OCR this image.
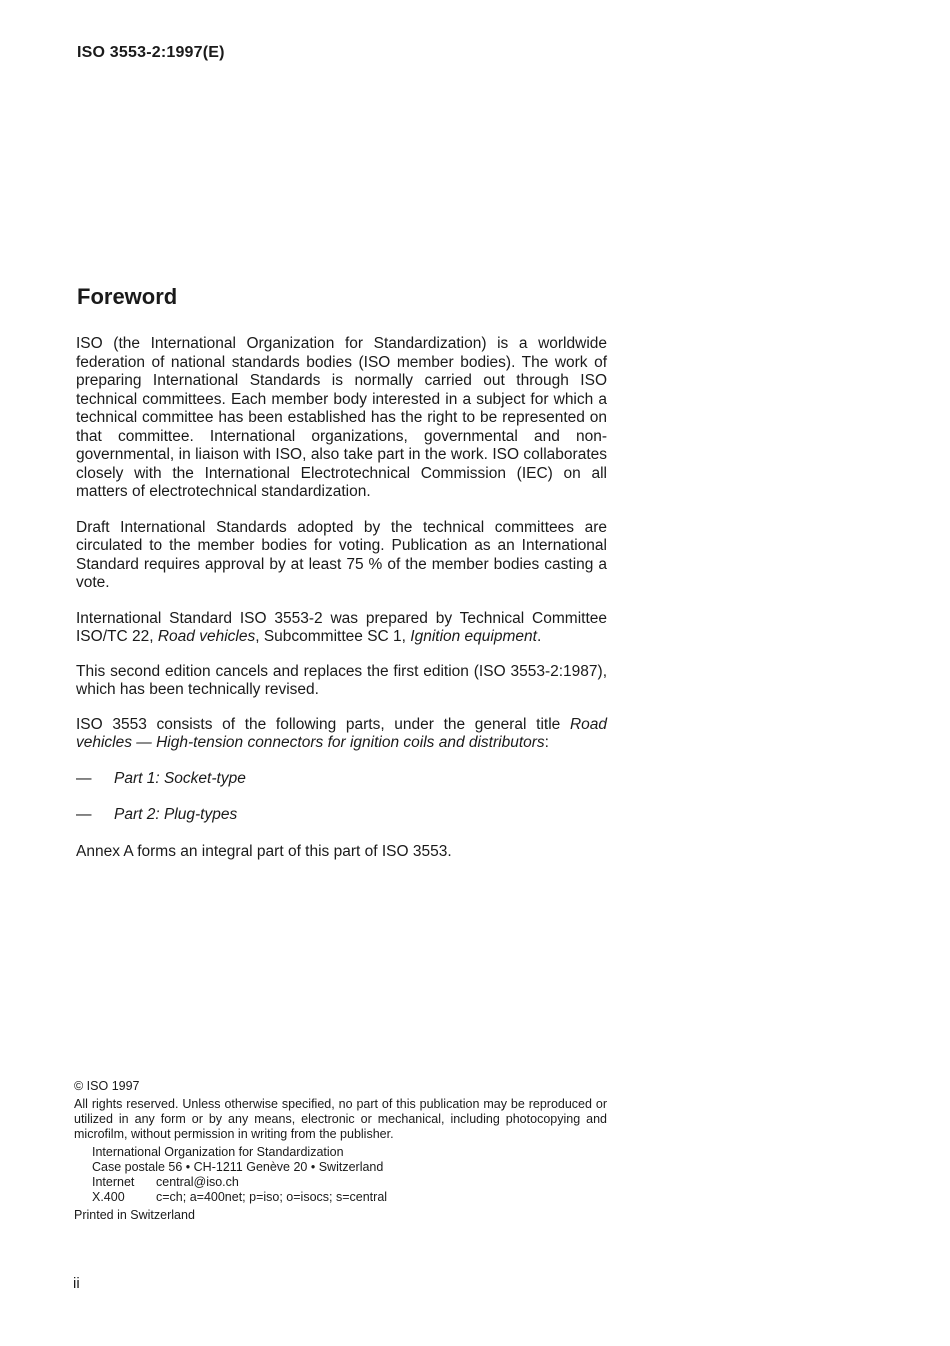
ISO 3553-2:1997(E)
Foreword

ISO (the International Organization for Standardization) is a worldwide federation of national standards bodies (ISO member bodies). The work of preparing International Standards is normally carried out through ISO technical committees. Each member body interested in a subject for which a technical committee has been established has the right to be represented on that committee. International organizations, governmental and non-governmental, in liaison with ISO, also take part in the work. ISO collaborates closely with the International Electrotechnical Commission (IEC) on all matters of electrotechnical standardization.

Draft International Standards adopted by the technical committees are circulated to the member bodies for voting. Publication as an International Standard requires approval by at least 75 % of the member bodies casting a vote.

International Standard ISO 3553-2 was prepared by Technical Committee ISO/TC 22, Road vehicles, Subcommittee SC 1, Ignition equipment.

This second edition cancels and replaces the first edition (ISO 3553-2:1987), which has been technically revised.

ISO 3553 consists of the following parts, under the general title Road vehicles — High-tension connectors for ignition coils and distributors:

—	Part 1: Socket-type
—	Part 2: Plug-types

Annex A forms an integral part of this part of ISO 3553.

© ISO 1997
All rights reserved. Unless otherwise specified, no part of this publication may be reproduced or utilized in any form or by any means, electronic or mechanical, including photocopying and microfilm, without permission in writing from the publisher.
International Organization for Standardization
Case postale 56 • CH-1211 Genève 20 • Switzerland
Internet	central@iso.ch
X.400	c=ch; a=400net; p=iso; o=isocs; s=central
Printed in Switzerland
ii
